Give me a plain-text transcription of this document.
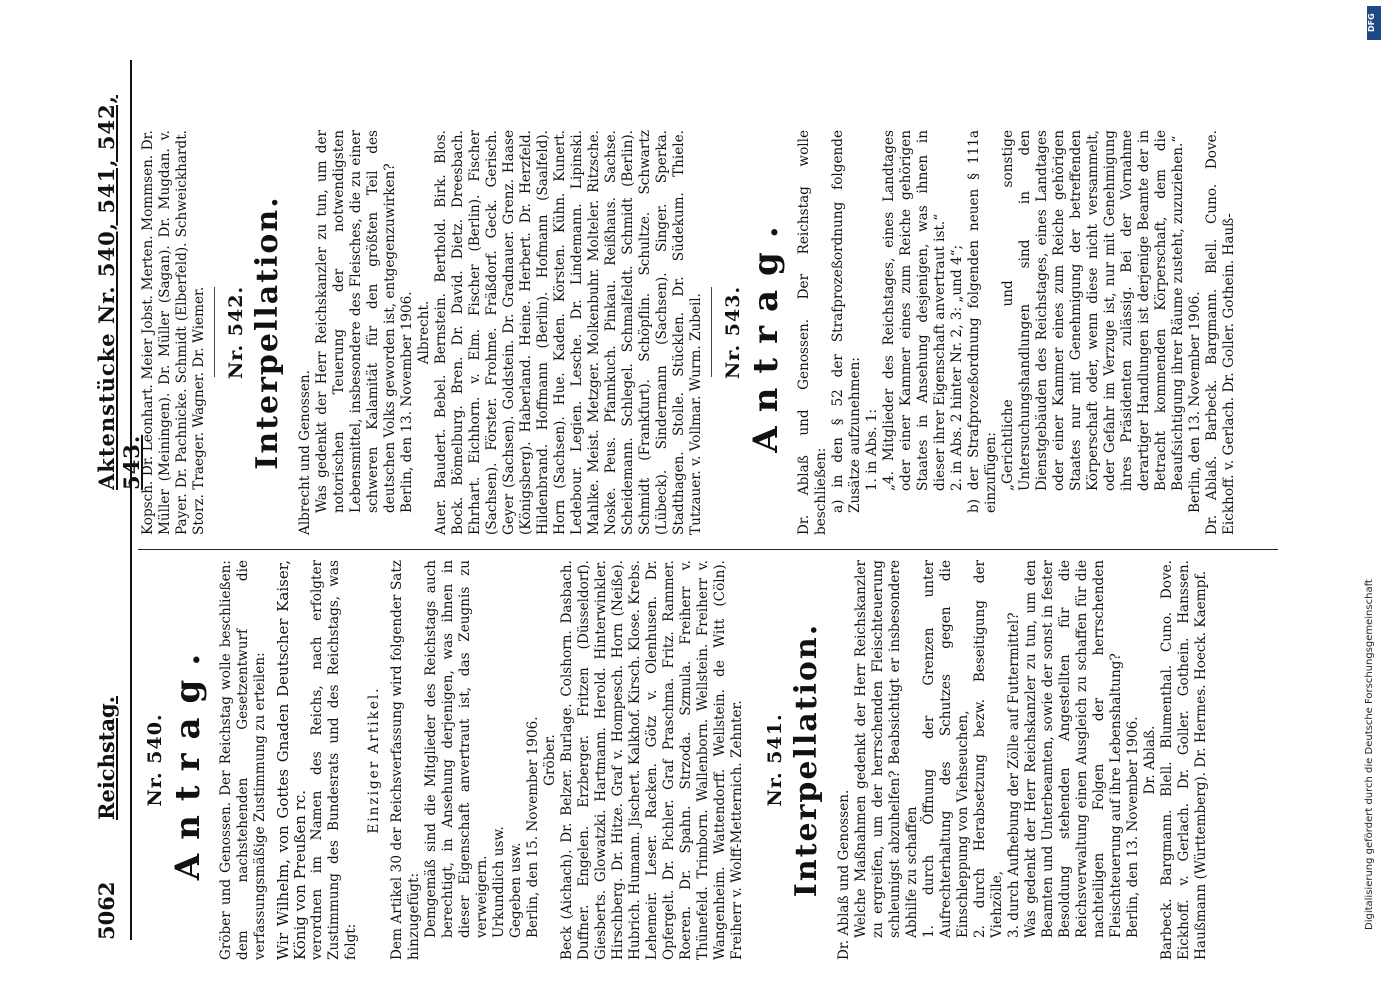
5062
Reichstag.
Aktenstücke Nr. 540, 541, 542, 543.
Nr. 540. Antrag. Gröber und Genossen. Der Reichstag wolle beschließen: dem nachstehenden Gesetzentwurf die verfassungsmäßige Zustimmung zu erteilen: Wir Wilhelm, von Gottes Gnaden Deutscher Kaiser, König von Preußen rc. verordnen im Namen des Reichs, nach erfolgter Zustimmung des Bundesrats und des Reichstags, was folgt:

Einziger Artikel. Dem Artikel 30 der Reichsverfassung wird folgender Satz hinzugefügt: Demgemäß sind die Mitglieder des Reichstags auch berechtigt, in Ansehung derjenigen, was ihnen in dieser Eigenschaft anvertraut ist, das Zeugnis zu verweigern. Urkundlich usw. Gegeben usw. Berlin, den 15. November 1906. Gröber. Beck (Aichach). Dr. Belzer. Burlage. Colshorn. Dasbach. Duffner. Engelen. Erzberger. Fritzen (Düsseldorf). Giesberts. Glowatzki. Hartmann. Herold. Hinterwinkler. Hirschberg. Dr. Hitze. Graf v. Hompesch. Horn (Neiße). Hubrich. Humann. Jischert. Kalkhof. Kirsch. Klose. Krebs. Lehemeir. Leser. Racken. Götz v. Olenhusen. Dr. Opfergelt. Dr. Pichler. Graf Praschma. Fritz. Rammer. Roeren. Dr. Spahn. Strzoda. Szmula. Freiherr v. Thünefeld. Trimborn. Wallenborn. Wellstein. Freiherr v. Wangenheim. Wattendorff. Wellstein. de Witt (Cöln). Freiherr v. Wolff-Metternich. Zehnter. Nr. 541. Interpellation. Dr. Ablaß und Genossen. Welche Maßnahmen gedenkt der Herr Reichskanzler zu ergreifen, um der herrschenden Fleischteuerung schleunigst abzuhelfen? Beabsichtigt er insbesondere Abhilfe zu schaffen 1. durch Öffnung der Grenzen unter Aufrechterhaltung des Schutzes gegen die Einschleppung von Viehseuchen, 2. durch Herabsetzung bezw. Beseitigung der Viehzölle, 3. durch Aufhebung der Zölle auf Futtermittel? Was gedenkt der Herr Reichskanzler zu tun, um den Beamten und Unterbeamten, sowie der sonst in fester Besoldung stehenden Angestellten für die Reichsverwaltung einen Ausgleich zu schaffen für die nachteiligen Folgen der herrschenden Fleischteuerung auf ihre Lebenshaltung? Berlin, den 13. November 1906. Dr. Ablaß. Barbeck. Bargmann. Blell. Blumenthal. Cuno. Dove. Eickhoff. v. Gerlach. Dr. Goller. Gothein. Hanssen. Haußmann (Württemberg). Dr. Hermes. Hoeck. Kaempf.

Kopsch. Dr. Leonhart. Meier Jobst. Merten. Mommsen. Dr. Müller (Meiningen). Dr. Müller (Sagan). Dr. Mugdan. v. Payer. Dr. Pachnicke. Schmidt (Elberfeld). Schweickhardt. Storz. Traeger. Wagner. Dr. Wiemer. Nr. 542. Interpellation. Albrecht und Genossen. Was gedenkt der Herr Reichskanzler zu tun, um der notorischen Teuerung der notwendigsten Lebensmittel, insbesondere des Fleisches, die zu einer schweren Kalamität für den größten Teil des deutschen Volks geworden ist, entgegenzuwirken? Berlin, den 13. November 1906. Albrecht. Auer. Baudert. Bebel. Bernstein. Berthold. Birk. Blos. Bock. Bömelburg. Bren. Dr. David. Dietz. Dreesbach. Ehrhart. Eichhorn. v. Elm. Fischer (Berlin). Fischer (Sachsen). Förster. Frohme. Fräßdorf. Geck. Gerisch. Geyer (Sachsen). Goldstein. Dr. Gradnauer. Grenz. Haase (Königsberg). Haberland. Heine. Herbert. Dr. Herzfeld. Hildenbrand. Hoffmann (Berlin). Hofmann (Saalfeld). Horn (Sachsen). Hue. Kaden. Körsten. Kühn. Kunert. Ledebour. Legien. Lesche. Dr. Lindemann. Lipinski. Mahlke. Meist. Metzger. Molkenbuhr. Molteler. Ritzsche. Noske. Peus. Pfannkuch. Pinkau. Reißhaus. Sachse. Scheidemann. Schlegel. Schmalfeldt. Schmidt (Berlin). Schmidt (Frankfurt). Schöpflin. Schultze. Schwartz (Lübeck). Sindermann (Sachsen). Singer. Sperka. Stadthagen. Stolle. Stücklen. Dr. Südekum. Thiele. Tutzauer. v. Vollmar. Wurm. Zubeil. Nr. 543. Antrag. Dr. Ablaß und Genossen. Der Reichstag wolle beschließen: a) in den § 52 der Strafprozeßordnung folgende Zusätze aufzunehmen: 1. in Abs. 1: „4. Mitglieder des Reichstages, eines Landtages oder einer Kammer eines zum Reiche gehörigen Staates in Ansehung desjenigen, was ihnen in dieser ihrer Eigenschaft anvertraut ist.“ 2. in Abs. 2 hinter Nr. 2, 3: „und 4“; b) der Strafprozeßordnung folgenden neuen § 111a einzufügen: „Gerichtliche und sonstige Untersuchungshandlungen sind in den Dienstgebäuden des Reichstages, eines Landtages oder einer Kammer eines zum Reiche gehörigen Staates nur mit Genehmigung der betreffenden Körperschaft oder, wenn diese nicht versammelt, oder Gefahr im Verzuge ist, nur mit Genehmigung ihres Präsidenten zulässig. Bei der Vornahme derartiger Handlungen ist derjenige Beamte der in Betracht kommenden Körperschaft, dem die Beaufsichtigung ihrer Räume zusteht, zuzuziehen.“ Berlin, den 13. November 1906. Dr. Ablaß. Barbeck. Bargmann. Blell. Cuno. Dove. Eickhoff. v. Gerlach. Dr. Goller. Gothein. Hauß-

DFG
Digitalisierung gefördert durch die Deutsche Forschungsgemeinschaft
